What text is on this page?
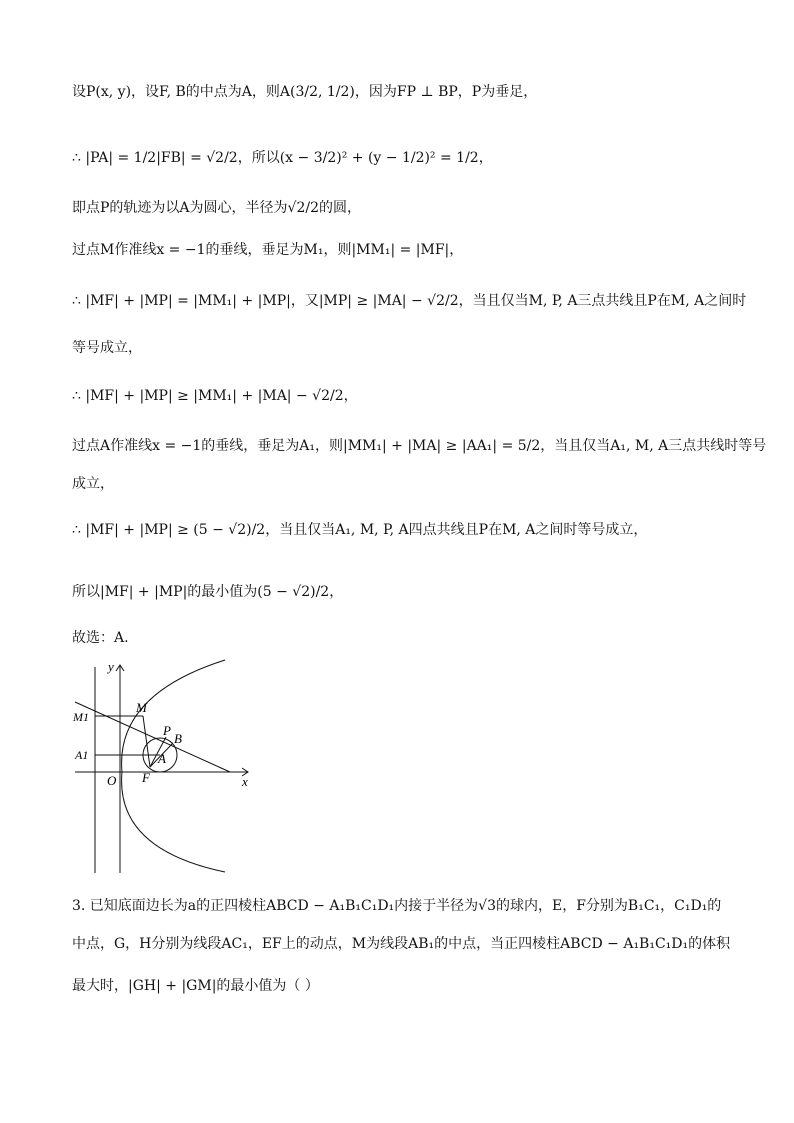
设P(x, y)，设F, B的中点为A，则A(3/2, 1/2)，因为FP ⊥ BP，P为垂足，
∴ |PA| = 1/2|FB| = √2/2，所以(x − 3/2)² + (y − 1/2)² = 1/2，
即点P的轨迹为以A为圆心，半径为√2/2的圆，
过点M作准线x = −1的垂线，垂足为M₁，则|MM₁| = |MF|，
∴ |MF| + |MP| = |MM₁| + |MP|，又|MP| ≥ |MA| − √2/2，当且仅当M, P, A三点共线且P在M, A之间时
等号成立，
∴ |MF| + |MP| ≥ |MM₁| + |MA| − √2/2，
过点A作准线x = −1的垂线，垂足为A₁，则|MM₁| + |MA| ≥ |AA₁| = 5/2，当且仅当A₁, M, A三点共线时等号
成立，
∴ |MF| + |MP| ≥ (5 − √2)/2，当且仅当A₁, M, P, A四点共线且P在M, A之间时等号成立，
所以|MF| + |MP|的最小值为(5 − √2)/2，
故选：A.
y
x
O
M1
A1
M
P
B
A
F
3. 已知底面边长为a的正四棱柱ABCD − A₁B₁C₁D₁内接于半径为√3的球内，E，F分别为B₁C₁，C₁D₁的
中点，G，H分别为线段AC₁，EF上的动点，M为线段AB₁的中点，当正四棱柱ABCD − A₁B₁C₁D₁的体积
最大时，|GH| + |GM|的最小值为（ ）
